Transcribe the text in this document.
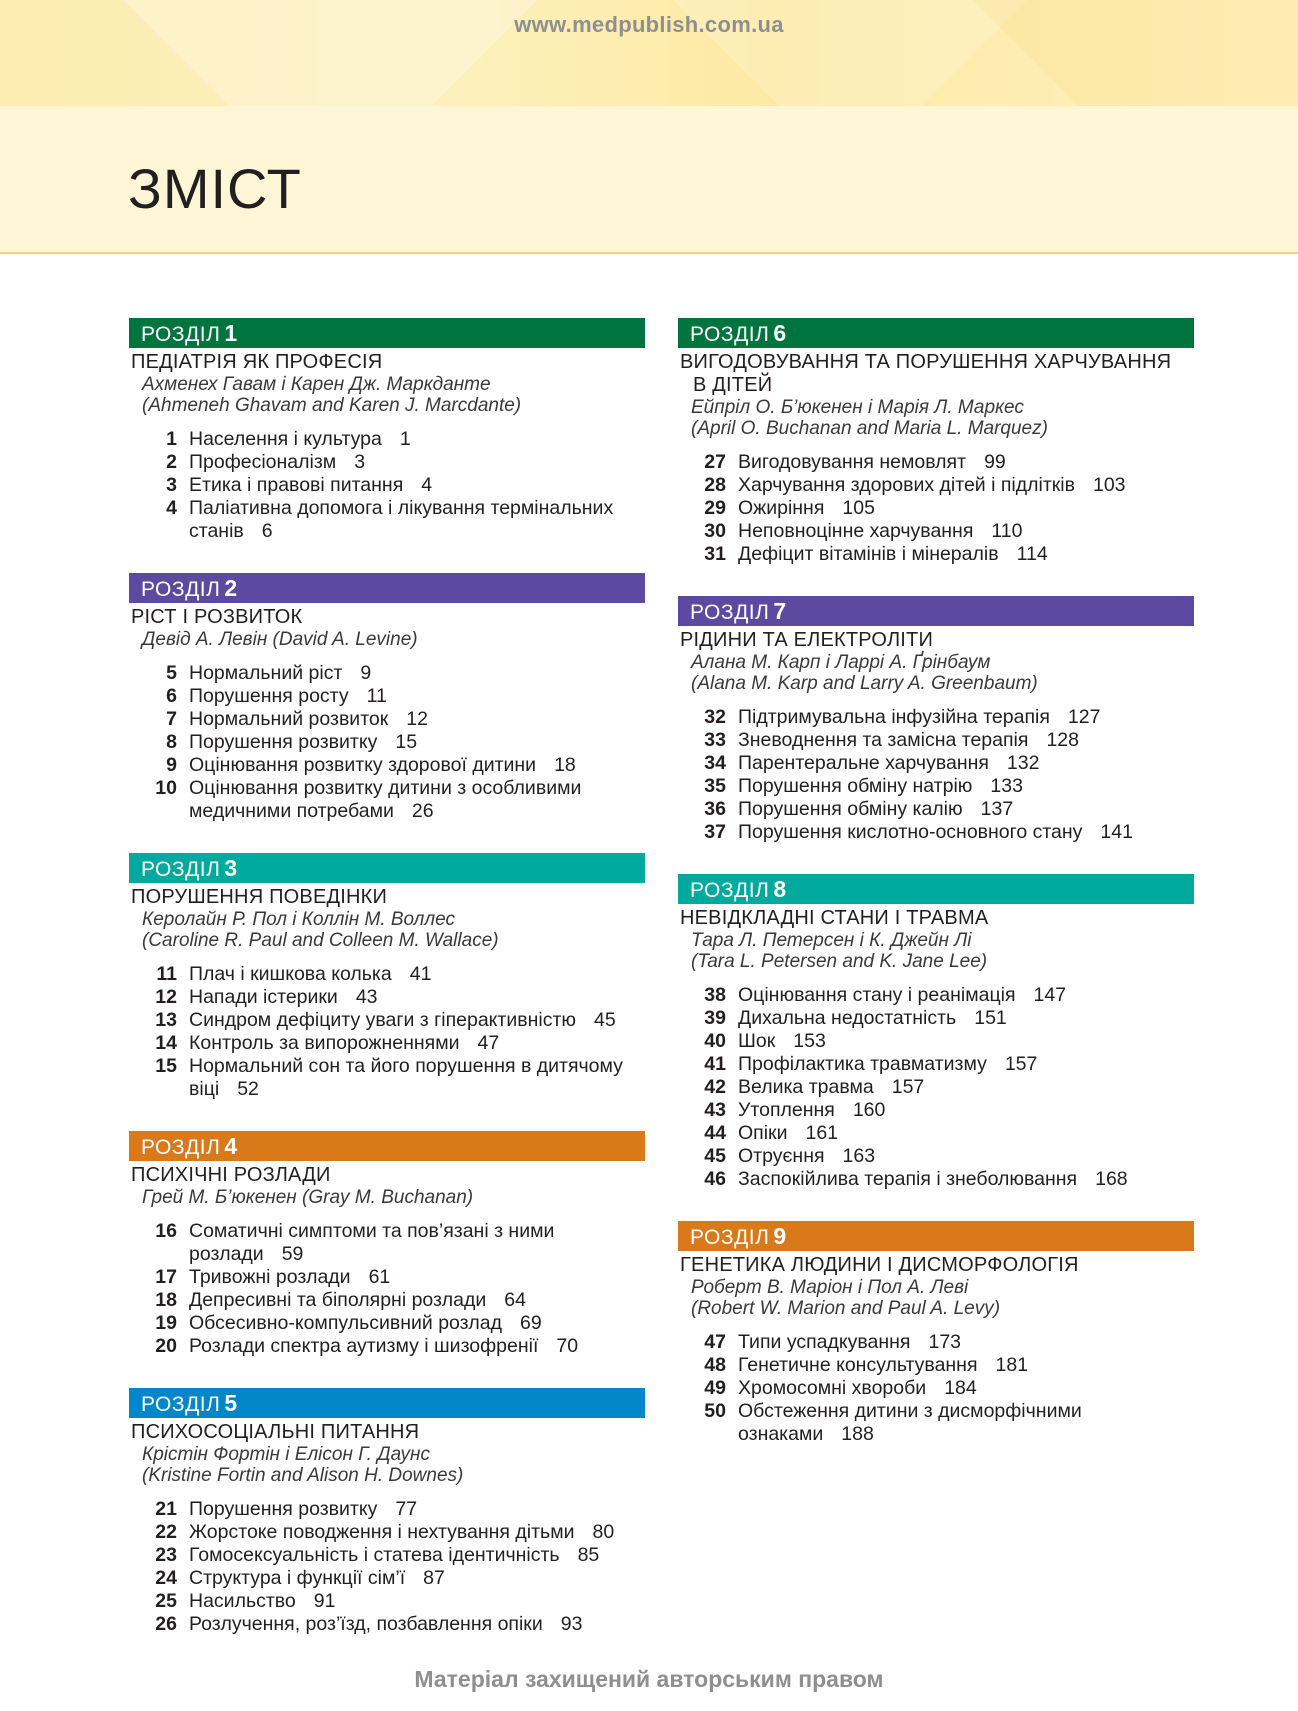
www.medpublish.com.ua
ЗМІСТ
РОЗДІЛ 1
ПЕДІАТРІЯ ЯК ПРОФЕСІЯ
Ахменех Гавам і Карен Дж. Маркданте
(Ahmeneh Ghavam and Karen J. Marcdante)
1 Населення і культура 1
2 Професіоналізм 3
3 Етика і правові питання 4
4 Паліативна допомога і лікування термінальних станів 6
РОЗДІЛ 2
РІСТ І РОЗВИТОК
Девід А. Левін (David A. Levine)
5 Нормальний ріст 9
6 Порушення росту 11
7 Нормальний розвиток 12
8 Порушення розвитку 15
9 Оцінювання розвитку здорової дитини 18
10 Оцінювання розвитку дитини з особливими медичними потребами 26
РОЗДІЛ 3
ПОРУШЕННЯ ПОВЕДІНКИ
Керолайн Р. Пол і Коллін М. Воллес
(Caroline R. Paul and Colleen M. Wallace)
11 Плач і кишкова колька 41
12 Напади істерики 43
13 Синдром дефіциту уваги з гіперактивністю 45
14 Контроль за випорожненнями 47
15 Нормальний сон та його порушення в дитячому віці 52
РОЗДІЛ 4
ПСИХІЧНІ РОЗЛАДИ
Грей М. Б’юкенен (Gray M. Buchanan)
16 Соматичні симптоми та пов’язані з ними розлади 59
17 Тривожні розлади 61
18 Депресивні та біполярні розлади 64
19 Обсесивно-компульсивний розлад 69
20 Розлади спектра аутизму і шизофренії 70
РОЗДІЛ 5
ПСИХОСОЦІАЛЬНІ ПИТАННЯ
Крістін Фортін і Елісон Г. Даунс
(Kristine Fortin and Alison H. Downes)
21 Порушення розвитку 77
22 Жорстоке поводження і нехтування дітьми 80
23 Гомосексуальність і статева ідентичність 85
24 Структура і функції сім’ї 87
25 Насильство 91
26 Розлучення, роз’їзд, позбавлення опіки 93
РОЗДІЛ 6
ВИГОДОВУВАННЯ ТА ПОРУШЕННЯ ХАРЧУВАННЯ
В ДІТЕЙ
Ейпріл О. Б’юкенен і Марія Л. Маркес
(April O. Buchanan and Maria L. Marquez)
27 Вигодовування немовлят 99
28 Харчування здорових дітей і підлітків 103
29 Ожиріння 105
30 Неповноцінне харчування 110
31 Дефіцит вітамінів і мінералів 114
РОЗДІЛ 7
РІДИНИ ТА ЕЛЕКТРОЛІТИ
Алана М. Карп і Ларрі А. Ґрінбаум
(Alana M. Karp and Larry A. Greenbaum)
32 Підтримувальна інфузійна терапія 127
33 Зневоднення та замісна терапія 128
34 Парентеральне харчування 132
35 Порушення обміну натрію 133
36 Порушення обміну калію 137
37 Порушення кислотно-основного стану 141
РОЗДІЛ 8
НЕВІДКЛАДНІ СТАНИ І ТРАВМА
Тара Л. Петерсен і К. Джейн Лі
(Tara L. Petersen and K. Jane Lee)
38 Оцінювання стану і реанімація 147
39 Дихальна недостатність 151
40 Шок 153
41 Профілактика травматизму 157
42 Велика травма 157
43 Утоплення 160
44 Опіки 161
45 Отруєння 163
46 Заспокійлива терапія і знеболювання 168
РОЗДІЛ 9
ГЕНЕТИКА ЛЮДИНИ І ДИСМОРФОЛОГІЯ
Роберт В. Маріон і Пол А. Леві
(Robert W. Marion and Paul A. Levy)
47 Типи успадкування 173
48 Генетичне консультування 181
49 Хромосомні хвороби 184
50 Обстеження дитини з дисморфічними ознаками 188
Матеріал захищений авторським правом
